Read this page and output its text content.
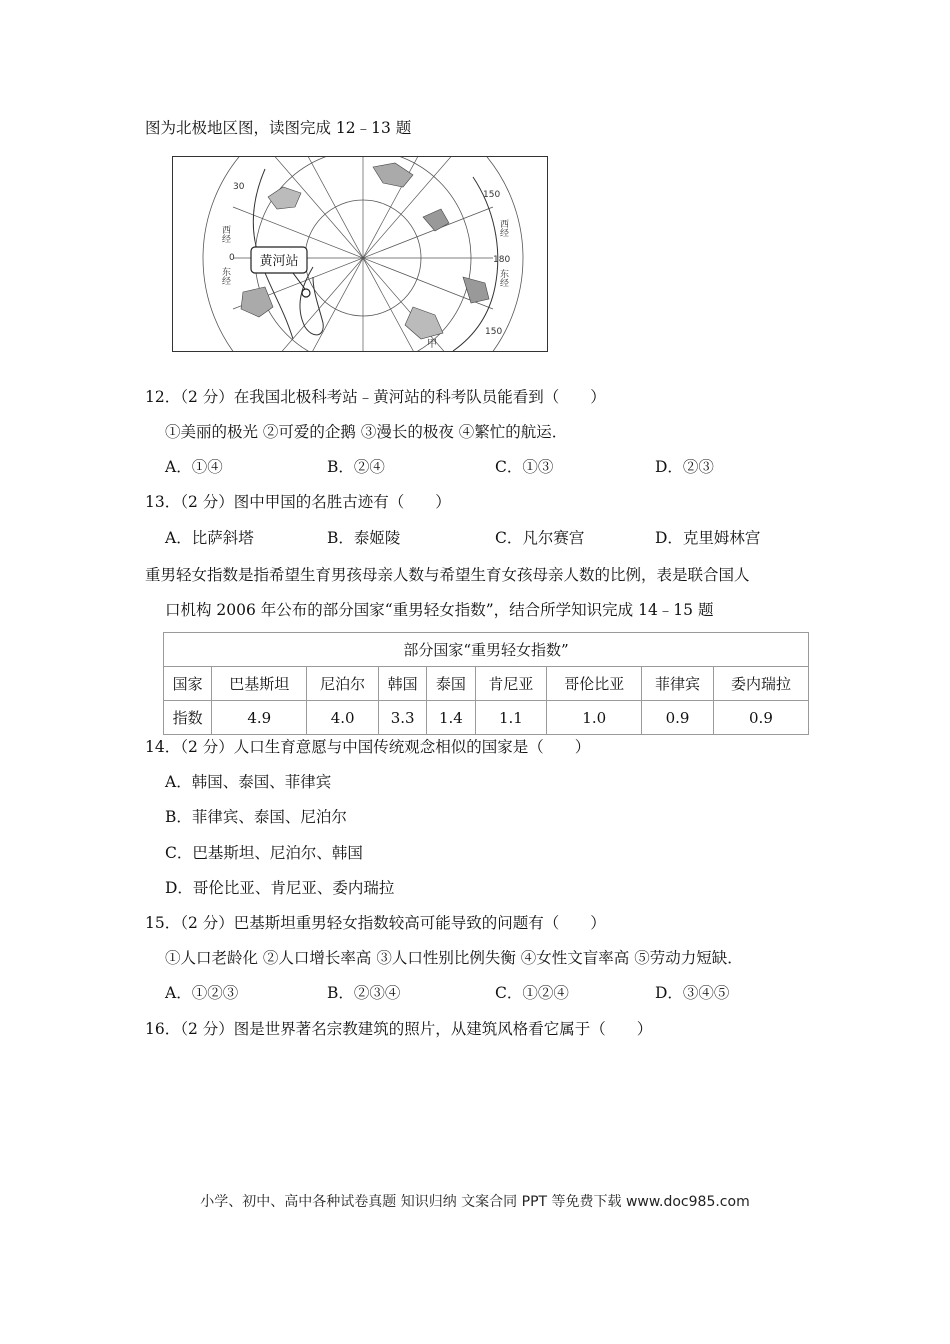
图为北极地区图，读图完成 12﹣13 题
黄河站
30
150
150
0	180
西经
东经
西经
东经
甲
12．（2 分）在我国北极科考站﹣黄河站的科考队员能看到（　　）
①美丽的极光 ②可爱的企鹅 ③漫长的极夜 ④繁忙的航运．
A．①④	B．②④	C．①③	D．②③
13．（2 分）图中甲国的名胜古迹有（　　）
A．比萨斜塔	B．泰姬陵	C．凡尔赛宫	D．克里姆林宫
重男轻女指数是指希望生育男孩母亲人数与希望生育女孩母亲人数的比例，表是联合国人
口机构 2006 年公布的部分国家“重男轻女指数”，结合所学知识完成 14﹣15 题
部分国家“重男轻女指数”								
国家	巴基斯坦	尼泊尔	韩国	泰国	肯尼亚	哥伦比亚	菲律宾	委内瑞拉
指数	4.9	4.0	3.3	1.4	1.1	1.0	0.9	0.9
14．（2 分）人口生育意愿与中国传统观念相似的国家是（　　）
A．韩国、泰国、菲律宾
B．菲律宾、泰国、尼泊尔
C．巴基斯坦、尼泊尔、韩国
D．哥伦比亚、肯尼亚、委内瑞拉
15．（2 分）巴基斯坦重男轻女指数较高可能导致的问题有（　　）
①人口老龄化 ②人口增长率高 ③人口性别比例失衡 ④女性文盲率高 ⑤劳动力短缺．
A．①②③	B．②③④	C．①②④	D．③④⑤
16．（2 分）图是世界著名宗教建筑的照片，从建筑风格看它属于（　　）
小学、初中、高中各种试卷真题 知识归纳 文案合同 PPT 等免费下载 www.doc985.com
